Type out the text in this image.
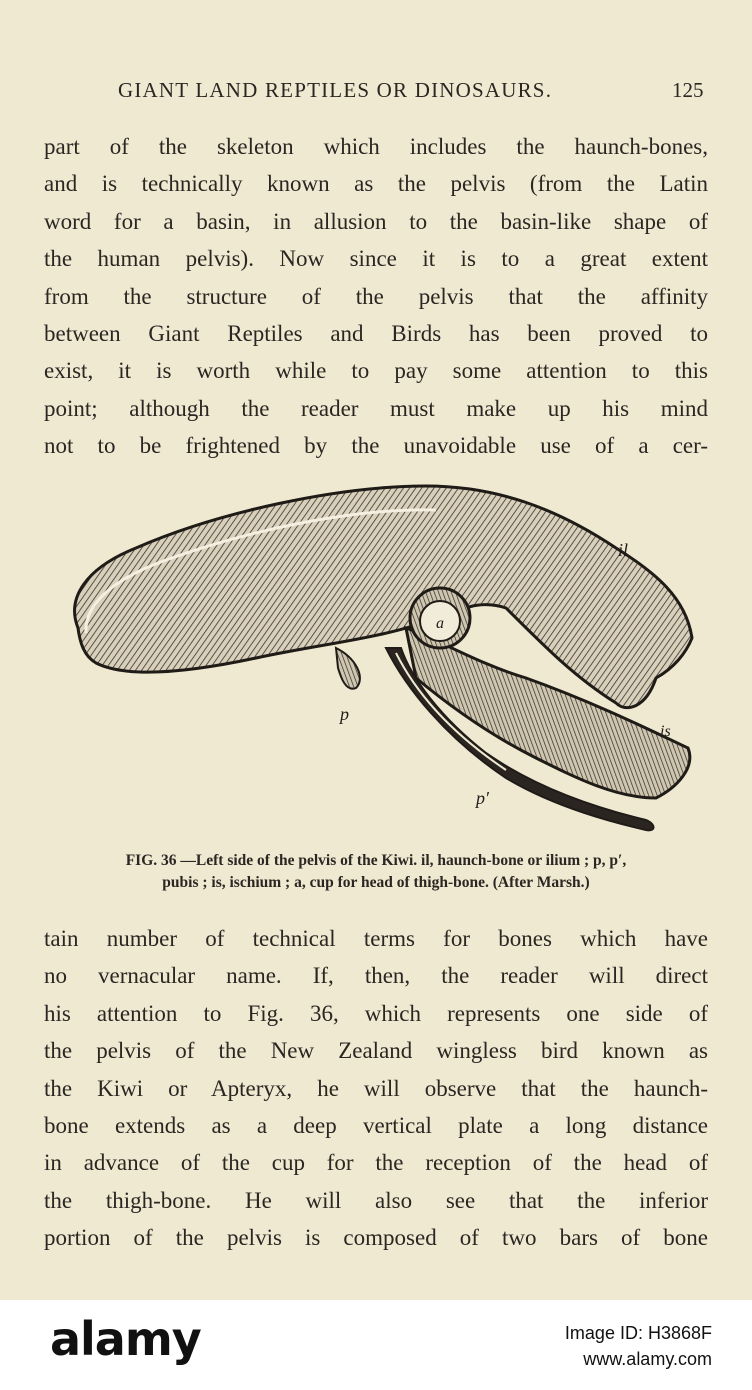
GIANT LAND REPTILES OR DINOSAURS.	125
part of the skeleton which includes the haunch-bones,
and is technically known as the pelvis (from the Latin
word for a basin, in allusion to the basin-like shape of
the human pelvis). Now since it is to a great extent
from the structure of the pelvis that the affinity
between Giant Reptiles and Birds has been proved to
exist, it is worth while to pay some attention to this
point; although the reader must make up his mind
not to be frightened by the unavoidable use of a cer-
a
il
p
is
p′
FIG. 36 —Left side of the pelvis of the Kiwi. il, haunch-bone or ilium ; p, p′,
pubis ; is, ischium ; a, cup for head of thigh-bone. (After Marsh.)
tain number of technical terms for bones which have
no vernacular name. If, then, the reader will direct
his attention to Fig. 36, which represents one side of
the pelvis of the New Zealand wingless bird known as
the Kiwi or Apteryx, he will observe that the haunch-
bone extends as a deep vertical plate a long distance
in advance of the cup for the reception of the head of
the thigh-bone. He will also see that the inferior
portion of the pelvis is composed of two bars of bone
alamy	Image ID: H3868F
www.alamy.com
